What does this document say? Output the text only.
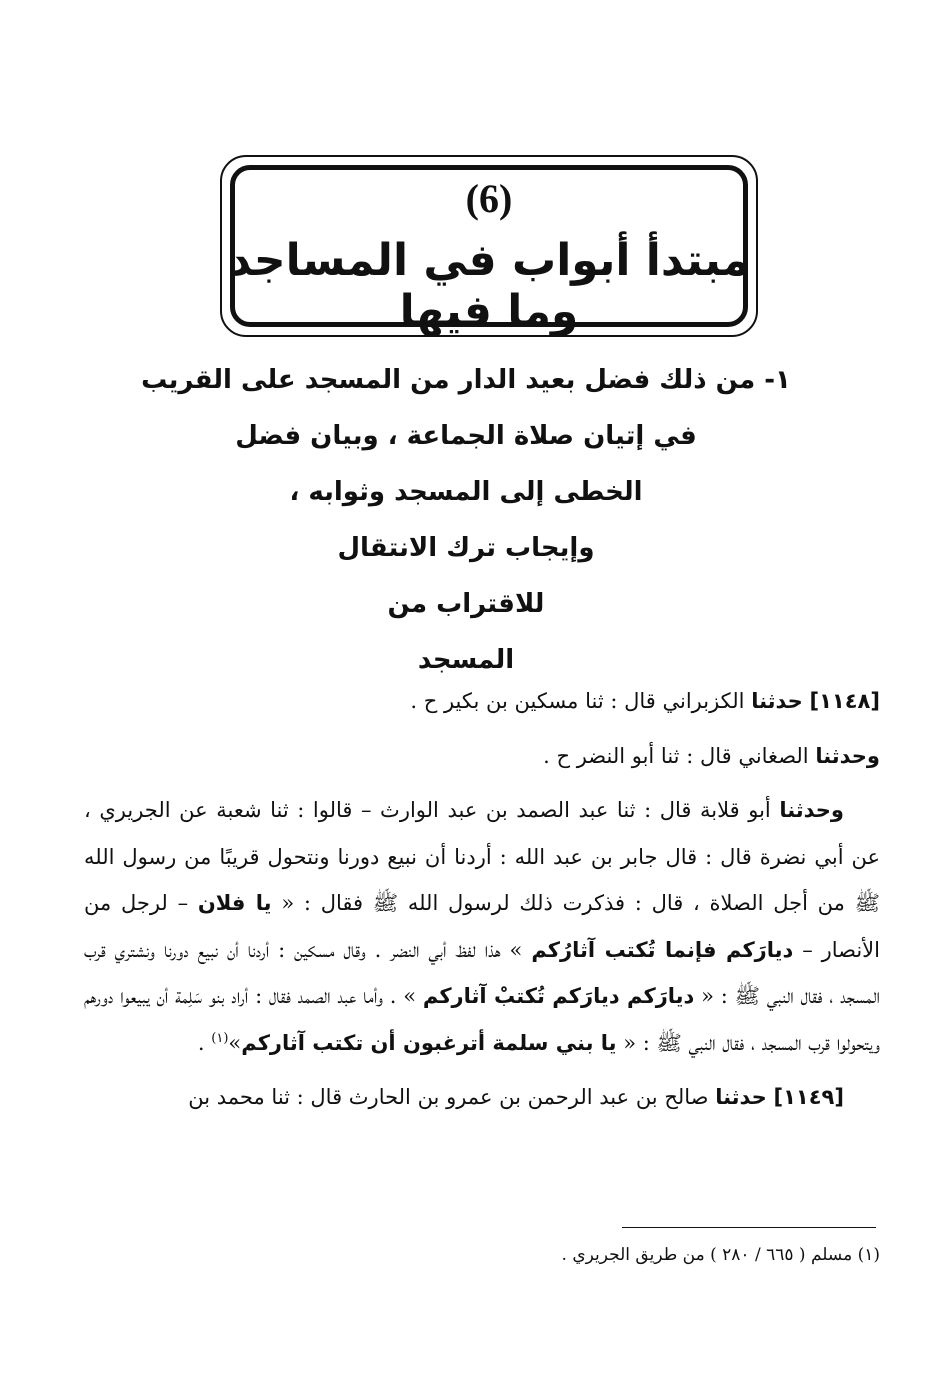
(6)
مبتدأ أبواب في المساجد وما فيها
١- من ذلك فضل بعيد الدار من المسجد على القريب
في إتيان صلاة الجماعة ، وبيان فضل
الخطى إلى المسجد وثوابه ،
وإيجاب ترك الانتقال
للاقتراب من
المسجد

[١١٤٨] حدثنا الكزبراني قال : ثنا مسكين بن بكير ح .

وحدثنا الصغاني قال : ثنا أبو النضر ح .

وحدثنا أبو قلابة قال : ثنا عبد الصمد بن عبد الوارث – قالوا : ثنا شعبة عن الجريري ، عن أبي نضرة قال : قال جابر بن عبد الله : أردنا أن نبيع دورنا ونتحول قريبًا من رسول الله ﷺ من أجل الصلاة ، قال : فذكرت ذلك لرسول الله ﷺ فقال : « يا فلان – لرجل من الأنصار – ديارَكم فإنما تُكتب آثارُكم » هذا لفظ أبي النضر . وقال مسكين : أردنا أن نبيع دورنا ونشتري قرب المسجد ، فقال النبي ﷺ : « ديارَكم ديارَكم تُكتبْ آثاركم » . وأما عبد الصمد فقال : أراد بنو سَلِمة أن يبيعوا دورهم ويتحولوا قرب المسجد ، فقال النبي ﷺ : « يا بني سلمة أترغبون أن تكتب آثاركم»$^{(١)}$ .

[١١٤٩] حدثنا صالح بن عبد الرحمن بن عمرو بن الحارث قال : ثنا محمد بن

(١) مسلم ( ٦٦٥ / ٢٨٠ ) من طريق الجريري .
